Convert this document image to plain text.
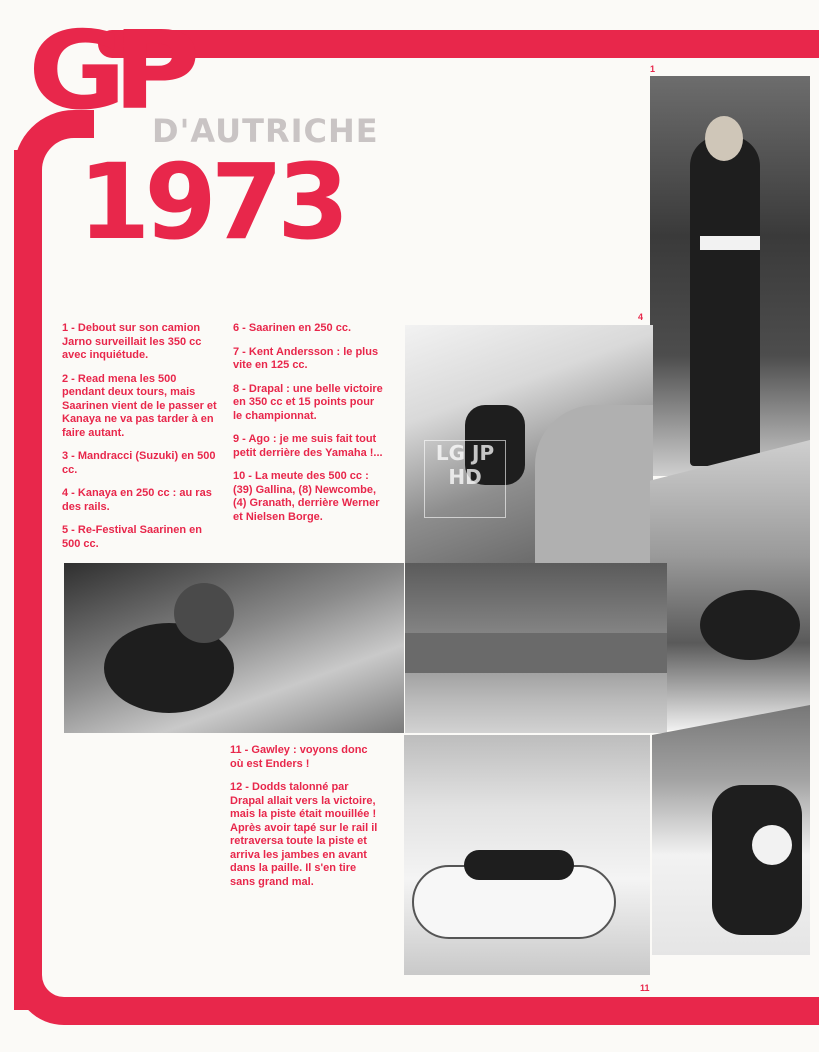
GP
D'AUTRICHE
1973

1 - Debout sur son camion Jarno surveillait les 350 cc avec inquiétude.

2 - Read mena les 500 pendant deux tours, mais Saarinen vient de le passer et Kanaya ne va pas tarder à en faire autant.

3 - Mandracci (Suzuki) en 500 cc.

4 - Kanaya en 250 cc : au ras des rails.

5 - Re-Festival Saarinen en 500 cc.

6 - Saarinen en 250 cc.

7 - Kent Andersson : le plus vite en 125 cc.

8 - Drapal : une belle victoire en 350 cc et 15 points pour le championnat.

9 - Ago : je me suis fait tout petit derrière des Yamaha !...

10 - La meute des 500 cc : (39) Gallina, (8) Newcombe, (4) Granath, derrière Werner et Nielsen Borge.

11 - Gawley : voyons donc où est Enders !

12 - Dodds talonné par Drapal allait vers la victoire, mais la piste était mouillée ! Après avoir tapé sur le rail il retraversa toute la piste et arriva les jambes en avant dans la paille. Il s'en tire sans grand mal.

1
4
11
LG JP HD
